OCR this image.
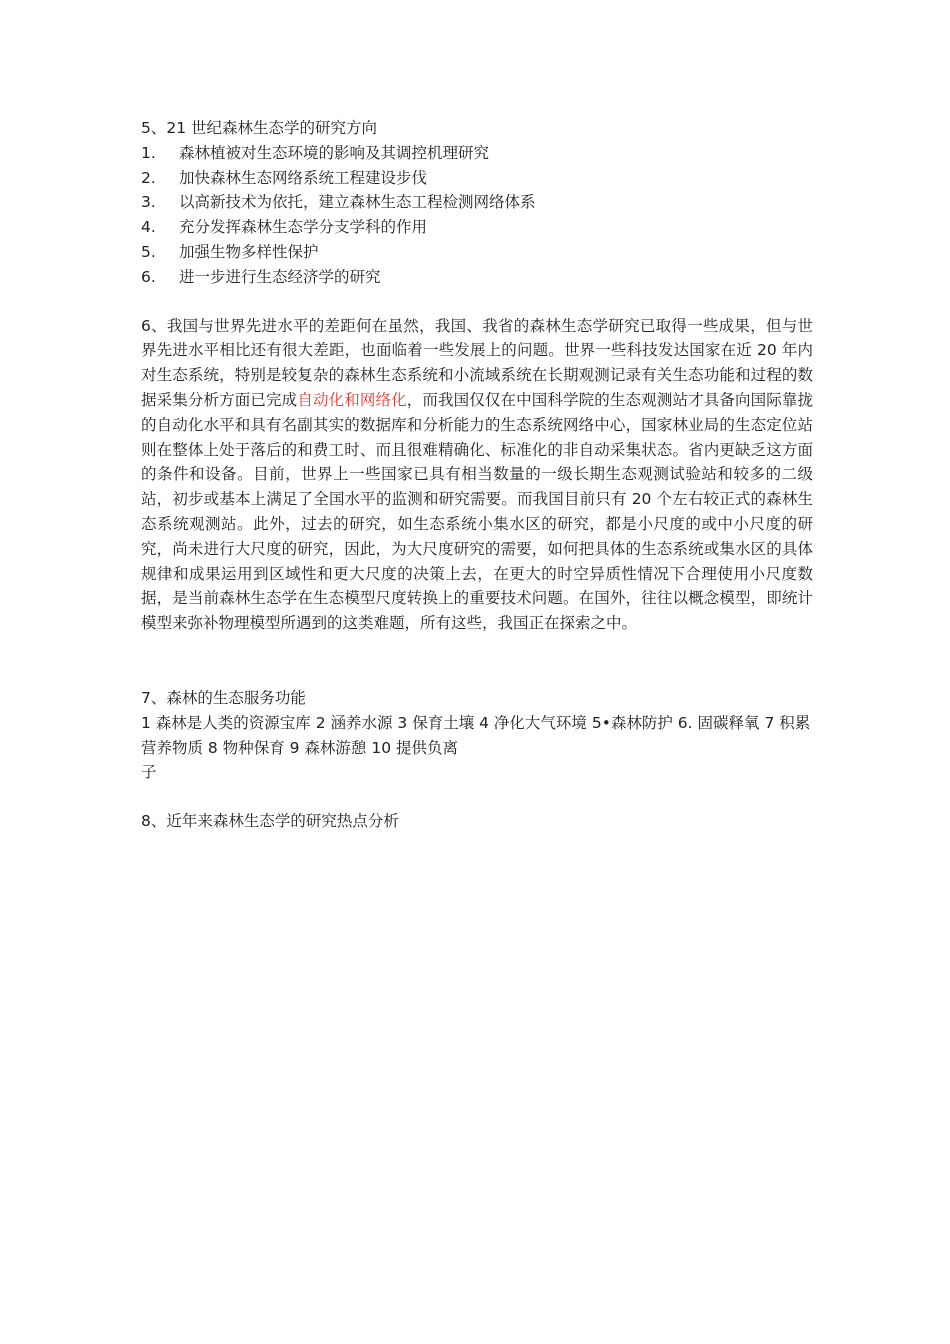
5、21 世纪森林生态学的研究方向
1.	森林植被对生态环境的影响及其调控机理研究
2.	加快森林生态网络系统工程建设步伐
3.	以高新技术为依托，建立森林生态工程检测网络体系
4.	充分发挥森林生态学分支学科的作用
5.	加强生物多样性保护
6.	进一步进行生态经济学的研究

6、我国与世界先进水平的差距何在虽然，我国、我省的森林生态学研究已取得一些成果，但与世界先进水平相比还有很大差距，也面临着一些发展上的问题。世界一些科技发达国家在近 20 年内对生态系统，特别是较复杂的森林生态系统和小流域系统在长期观测记录有关生态功能和过程的数据采集分析方面已完成自动化和网络化，而我国仅仅在中国科学院的生态观测站才具备向国际靠拢的自动化水平和具有名副其实的数据库和分析能力的生态系统网络中心，国家林业局的生态定位站则在整体上处于落后的和费工时、而且很难精确化、标准化的非自动采集状态。省内更缺乏这方面的条件和设备。目前，世界上一些国家已具有相当数量的一级长期生态观测试验站和较多的二级站，初步或基本上满足了全国水平的监测和研究需要。而我国目前只有 20 个左右较正式的森林生态系统观测站。此外，过去的研究，如生态系统小集水区的研究，都是小尺度的或中小尺度的研究，尚未进行大尺度的研究，因此，为大尺度研究的需要，如何把具体的生态系统或集水区的具体规律和成果运用到区域性和更大尺度的决策上去，在更大的时空异质性情况下合理使用小尺度数据，是当前森林生态学在生态模型尺度转换上的重要技术问题。在国外，往往以概念模型，即统计模型来弥补物理模型所遇到的这类难题，所有这些，我国正在探索之中。

7、森林的生态服务功能

1 森林是人类的资源宝库 2 涵养水源 3 保育土壤 4 净化大气环境 5•森林防护 6. 固碳释氧 7 积累营养物质 8 物种保育 9 森林游憩 10 提供负离
子

8、近年来森林生态学的研究热点分析
